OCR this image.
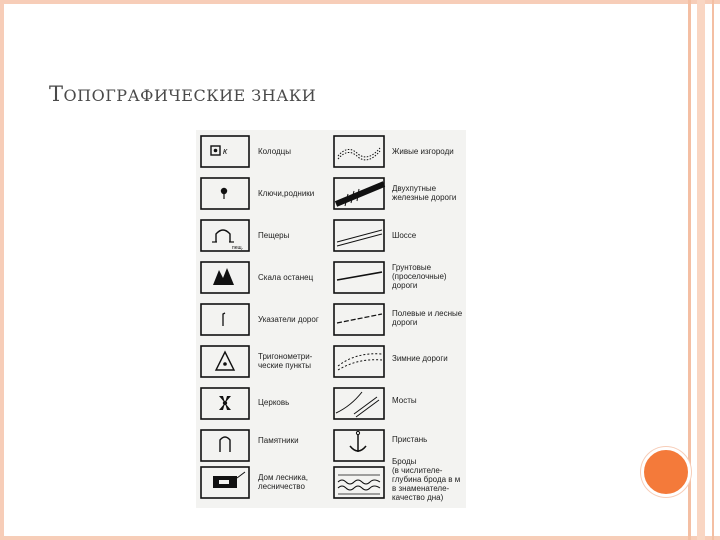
ТОПОГРАФИЧЕСКИЕ ЗНАКИ
к
пещ.
Колодцы
Ключи,родники
Пещеры
Скала останец
Указатели дорог
Тригонометри-
ческие пункты
Церковь
Памятники
Дом лесника,
лесничество
Живые изгороди
Двухпутные
железные дороги
Шоссе
Грунтовые
(проселочные)
дороги
Полевые и лесные
дороги
Зимние дороги
Мосты
Пристань
Броды
(в числителе-
глубина брода в м
в знаменателе-
качество дна)
